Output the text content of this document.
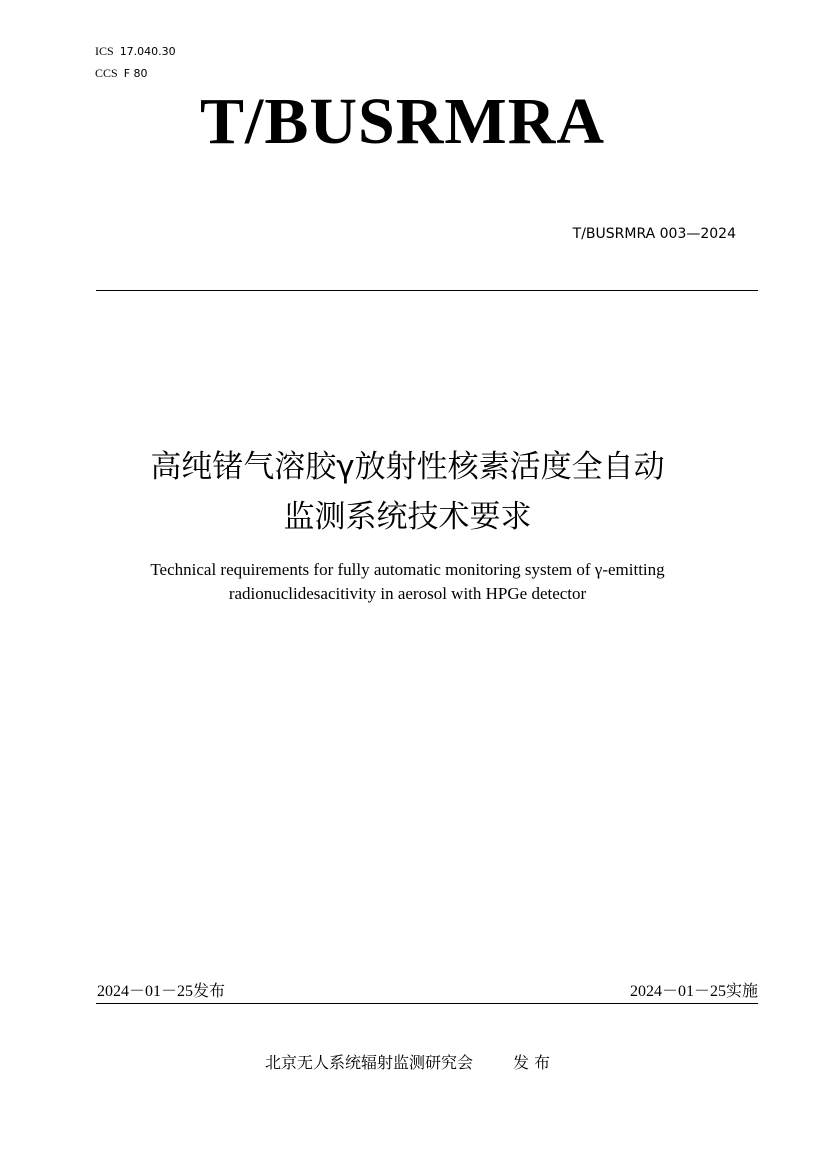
ICS 17.040.30
CCS F 80
T/BUSRMRA
T/BUSRMRA 003—2024
高纯锗气溶胶γ放射性核素活度全自动
监测系统技术要求
Technical requirements for fully automatic monitoring system of γ-emitting
radionuclidesacitivity in aerosol with HPGe detector
2024－01－25发布	2024－01－25实施
北京无人系统辐射监测研究会	发 布
